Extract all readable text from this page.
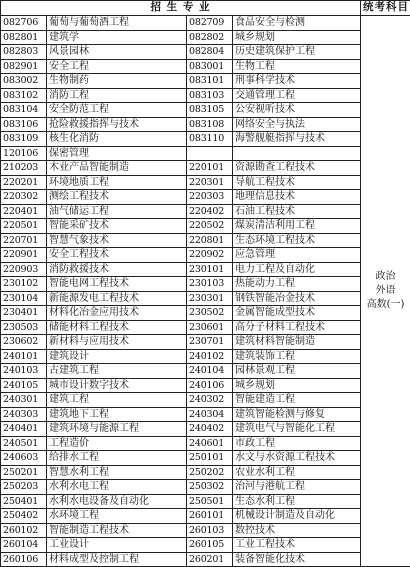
招 生 专 业				统考科目
082706	葡萄与葡萄酒工程	082709	食品安全与检测	政治
外语
高数(一)
082801	建筑学	082802	城乡规划	
082803	风景园林	082804	历史建筑保护工程	
082901	安全工程	083001	生物工程	
083002	生物制药	083101	刑事科学技术	
083102	消防工程	083103	交通管理工程	
083104	安全防范工程	083105	公安视听技术	
083106	抢险救援指挥与技术	083108	网络安全与执法	
083109	核生化消防	083110	海警舰艇指挥与技术	
120106	保密管理			
210203	木业产品智能制造	220101	资源勘查工程技术	
220201	环境地质工程	220301	导航工程技术	
220302	测绘工程技术	220303	地理信息技术	
220401	油气储运工程	220402	石油工程技术	
220501	智能采矿技术	220502	煤炭清洁利用工程	
220701	智慧气象技术	220801	生态环境工程技术	
220901	安全工程技术	220902	应急管理	
220903	消防救援技术	230101	电力工程及自动化	
230102	智能电网工程技术	230103	热能动力工程	
230104	新能源发电工程技术	230301	钢铁智能冶金技术	
230401	材料化冶金应用技术	230502	金属智能成型技术	
230503	储能材料工程技术	230601	高分子材料工程技术	
230602	新材料与应用技术	230701	建筑材料智能制造	
240101	建筑设计	240102	建筑装饰工程	
240103	古建筑工程	240104	园林景观工程	
240105	城市设计数字技术	240106	城乡规划	
240301	建筑工程	240302	智能建造工程	
240303	建筑地下工程	240304	建筑智能检测与修复	
240401	建筑环境与能源工程	240402	建筑电气与智能化工程	
240501	工程造价	240601	市政工程	
240603	给排水工程	250101	水文与水资源工程技术	
250201	智慧水利工程	250202	农业水利工程	
250203	水利水电工程	250302	治河与港航工程	
250401	水利水电设备及自动化	250501	生态水利工程	
250402	水环境工程	260101	机械设计制造及自动化	
260102	智能制造工程技术	260103	数控技术	
260104	工业设计	260105	工业工程技术	
260106	材料成型及控制工程	260201	装备智能化技术	
